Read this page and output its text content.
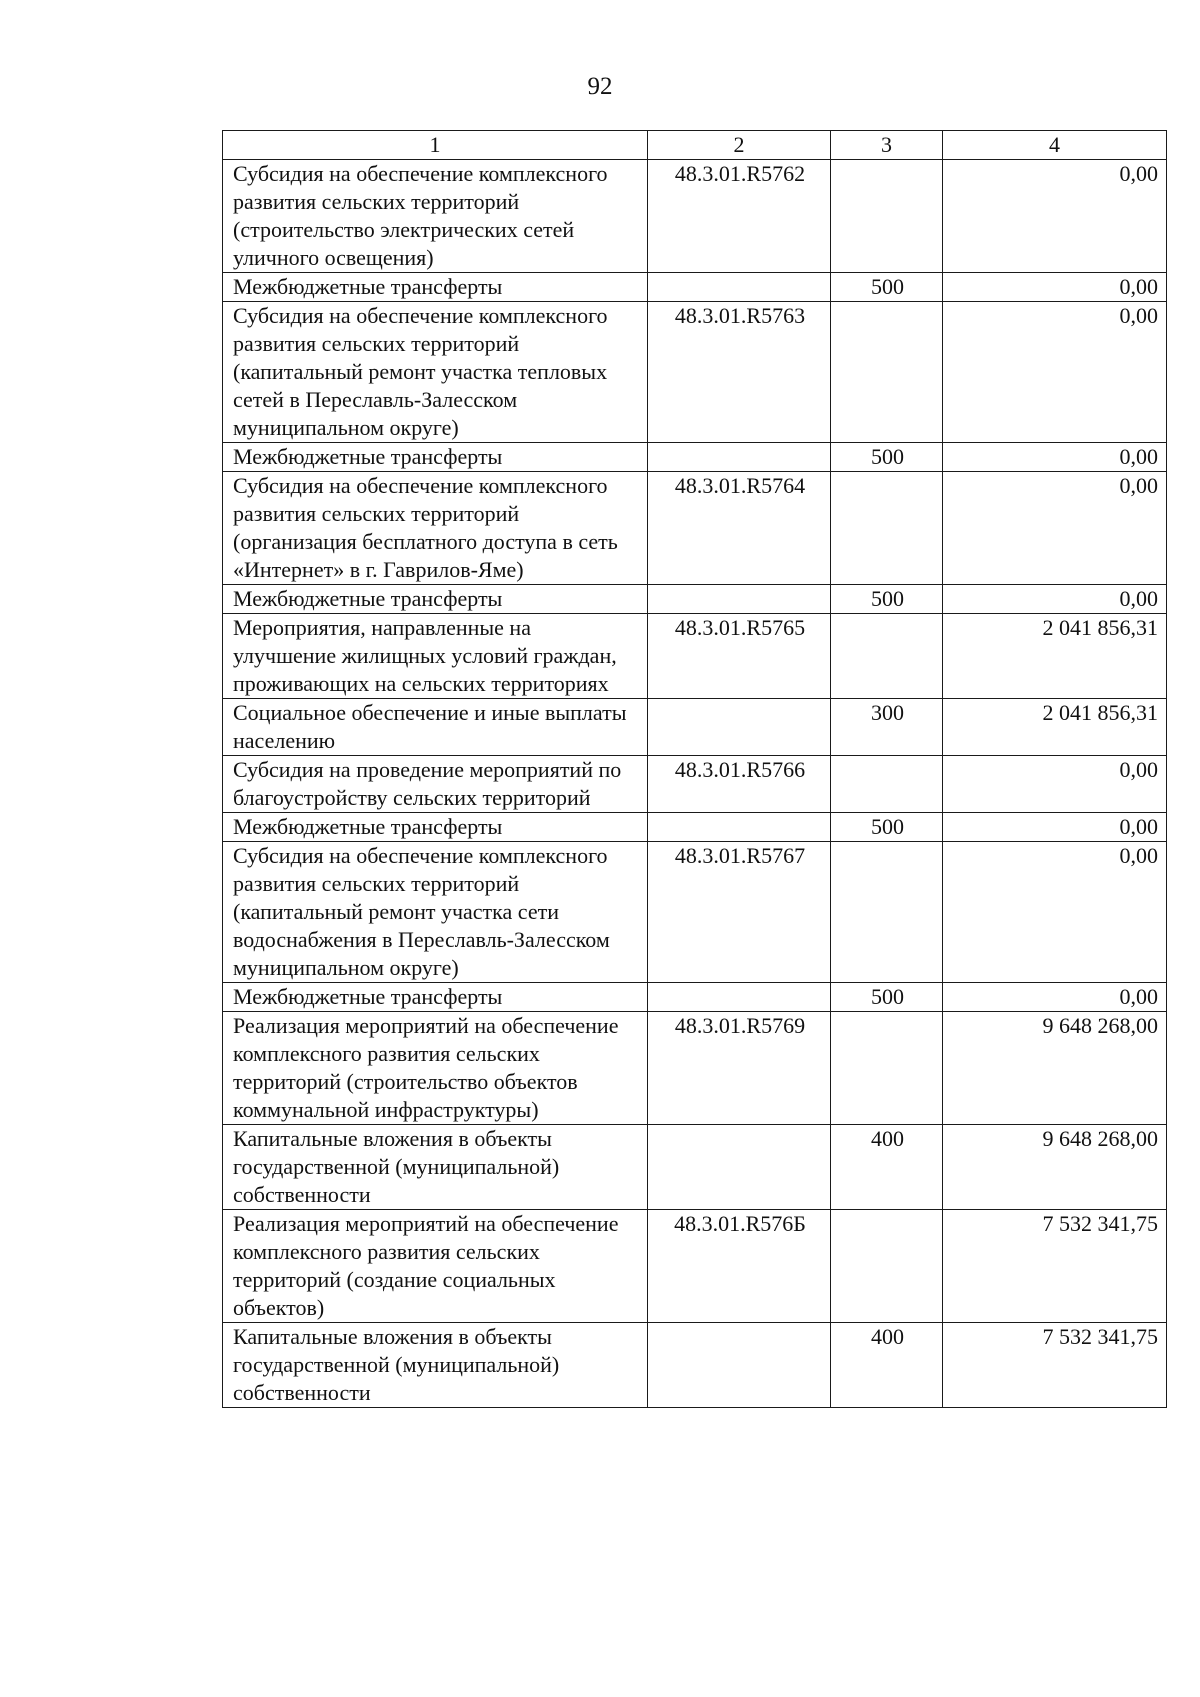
92
1	2	3	4
Субсидия на обеспечение комплексного развития сельских территорий (строительство электрических сетей уличного освещения)	48.3.01.R5762		0,00
Межбюджетные трансферты		500	0,00
Субсидия на обеспечение комплексного развития сельских территорий (капитальный ремонт участка тепловых сетей в Переславль-Залесском муниципальном округе)	48.3.01.R5763		0,00
Межбюджетные трансферты		500	0,00
Субсидия на обеспечение комплексного развития сельских территорий (организация бесплатного доступа в сеть «Интернет» в г. Гаврилов-Яме)	48.3.01.R5764		0,00
Межбюджетные трансферты		500	0,00
Мероприятия, направленные на улучшение жилищных условий граждан, проживающих на сельских территориях	48.3.01.R5765		2 041 856,31
Социальное обеспечение и иные выплаты населению		300	2 041 856,31
Субсидия на проведение мероприятий по благоустройству сельских территорий	48.3.01.R5766		0,00
Межбюджетные трансферты		500	0,00
Субсидия на обеспечение комплексного развития сельских территорий (капитальный ремонт участка сети водоснабжения в Переславль-Залесском муниципальном округе)	48.3.01.R5767		0,00
Межбюджетные трансферты		500	0,00
Реализация мероприятий на обеспечение комплексного развития сельских территорий (строительство объектов коммунальной инфраструктуры)	48.3.01.R5769		9 648 268,00
Капитальные вложения в объекты государственной (муниципальной) собственности		400	9 648 268,00
Реализация мероприятий на обеспечение комплексного развития сельских территорий (создание социальных объектов)	48.3.01.R576Б		7 532 341,75
Капитальные вложения в объекты государственной (муниципальной) собственности		400	7 532 341,75
